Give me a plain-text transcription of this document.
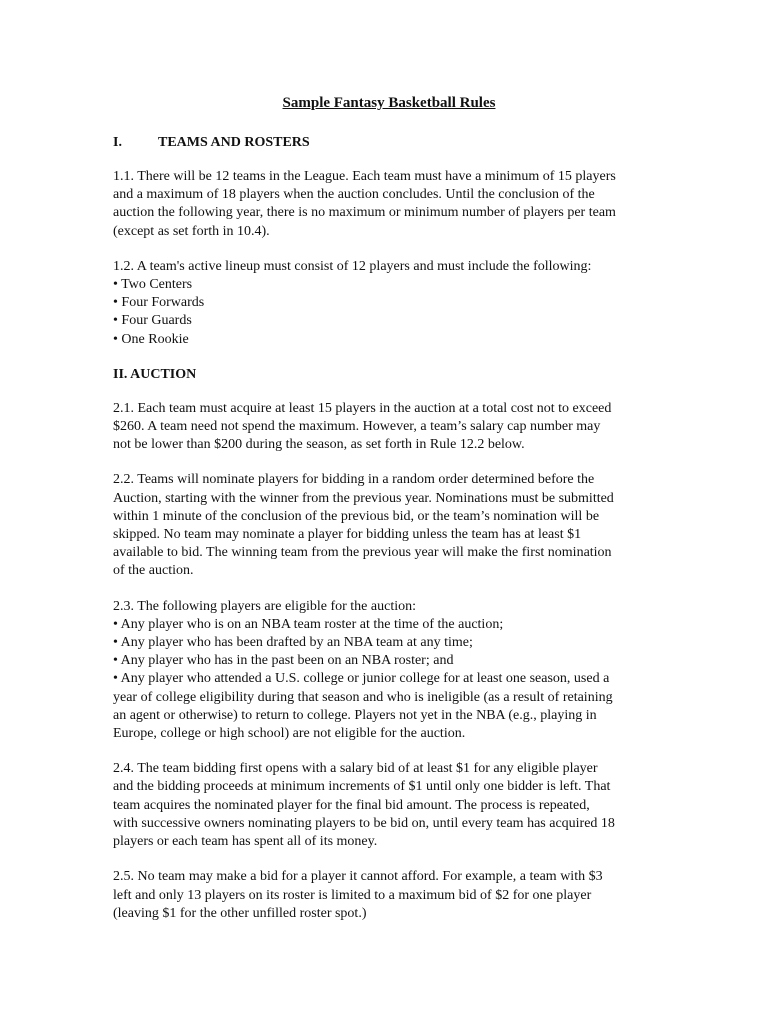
Sample Fantasy Basketball Rules
I.	TEAMS AND ROSTERS
1.1. There will be 12 teams in the League. Each team must have a minimum of 15 players
and a maximum of 18 players when the auction concludes. Until the conclusion of the
auction the following year, there is no maximum or minimum number of players per team
(except as set forth in 10.4).
1.2. A team's active lineup must consist of 12 players and must include the following:
• Two Centers
• Four Forwards
• Four Guards
• One Rookie
II. AUCTION
2.1. Each team must acquire at least 15 players in the auction at a total cost not to exceed
$260. A team need not spend the maximum. However, a team’s salary cap number may
not be lower than $200 during the season, as set forth in Rule 12.2 below.
2.2. Teams will nominate players for bidding in a random order determined before the
Auction, starting with the winner from the previous year. Nominations must be submitted
within 1 minute of the conclusion of the previous bid, or the team’s nomination will be
skipped. No team may nominate a player for bidding unless the team has at least $1
available to bid. The winning team from the previous year will make the first nomination
of the auction.
2.3. The following players are eligible for the auction:
• Any player who is on an NBA team roster at the time of the auction;
• Any player who has been drafted by an NBA team at any time;
• Any player who has in the past been on an NBA roster; and
• Any player who attended a U.S. college or junior college for at least one season, used a
year of college eligibility during that season and who is ineligible (as a result of retaining
an agent or otherwise) to return to college. Players not yet in the NBA (e.g., playing in
Europe, college or high school) are not eligible for the auction.
2.4. The team bidding first opens with a salary bid of at least $1 for any eligible player
and the bidding proceeds at minimum increments of $1 until only one bidder is left. That
team acquires the nominated player for the final bid amount. The process is repeated,
with successive owners nominating players to be bid on, until every team has acquired 18
players or each team has spent all of its money.
2.5. No team may make a bid for a player it cannot afford. For example, a team with $3
left and only 13 players on its roster is limited to a maximum bid of $2 for one player
(leaving $1 for the other unfilled roster spot.)
